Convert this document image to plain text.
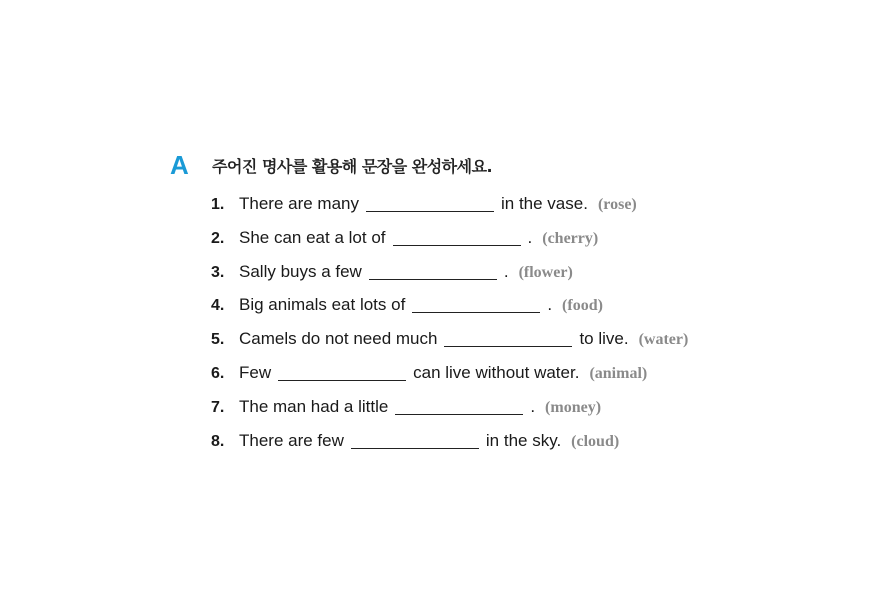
A	주어진 명사를 활용해 문장을 완성하세요.
1. There are many	in the vase. (rose)
2. She can eat a lot of	. (cherry)
3. Sally buys a few	. (flower)
4. Big animals eat lots of	. (food)
5. Camels do not need much	to live. (water)
6. Few	can live without water. (animal)
7. The man had a little	. (money)
8. There are few	in the sky. (cloud)
